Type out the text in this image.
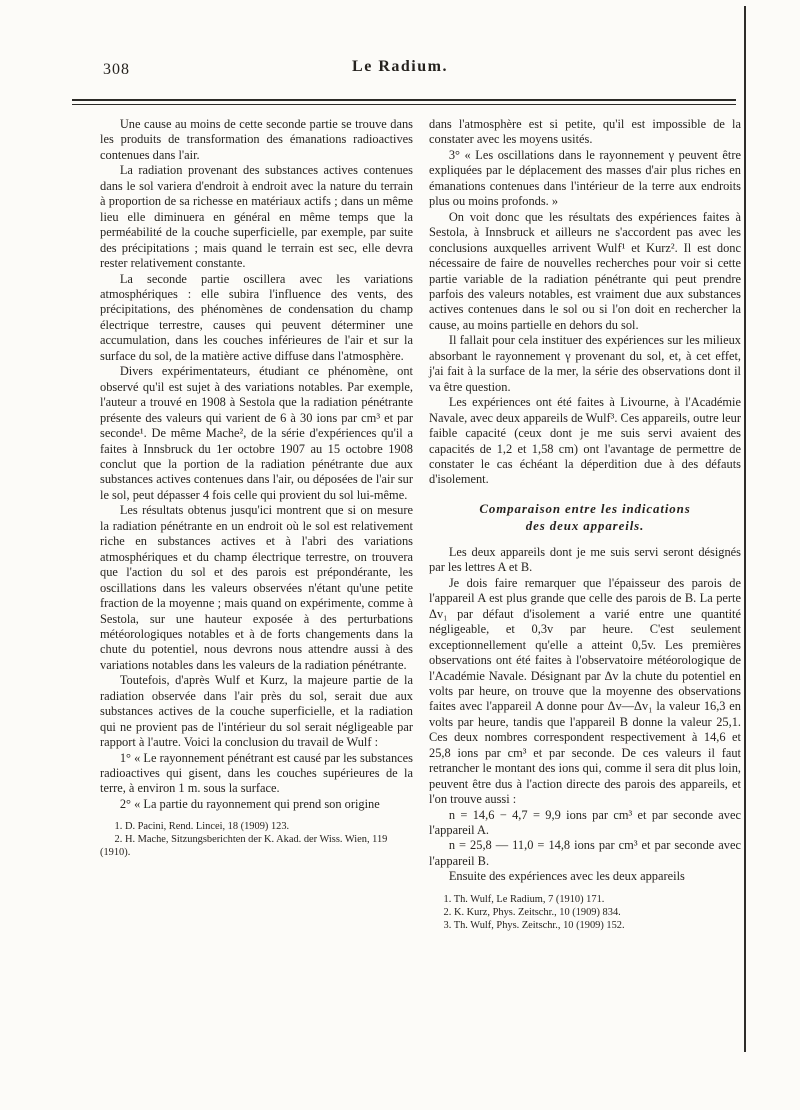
308	Le Radium.

Une cause au moins de cette seconde partie se trouve dans les produits de transformation des émanations radioactives contenues dans l'air.

La radiation provenant des substances actives contenues dans le sol variera d'endroit à endroit avec la nature du terrain à proportion de sa richesse en matériaux actifs ; dans un même lieu elle diminuera en général en même temps que la perméabilité de la couche superficielle, par exemple, par suite des précipitations ; mais quand le terrain est sec, elle devra rester relativement constante.

La seconde partie oscillera avec les variations atmosphériques : elle subira l'influence des vents, des précipitations, des phénomènes de condensation du champ électrique terrestre, causes qui peuvent déterminer une accumulation, dans les couches inférieures de l'air et sur la surface du sol, de la matière active diffuse dans l'atmosphère.

Divers expérimentateurs, étudiant ce phénomène, ont observé qu'il est sujet à des variations notables. Par exemple, l'auteur a trouvé en 1908 à Sestola que la radiation pénétrante présente des valeurs qui varient de 6 à 30 ions par cm³ et par seconde¹. De même Mache², de la série d'expériences qu'il a faites à Innsbruck du 1er octobre 1907 au 15 octobre 1908 conclut que la portion de la radiation pénétrante due aux substances actives contenues dans l'air, ou déposées de l'air sur le sol, peut dépasser 4 fois celle qui provient du sol lui-même.

Les résultats obtenus jusqu'ici montrent que si on mesure la radiation pénétrante en un endroit où le sol est relativement riche en substances actives et à l'abri des variations atmosphériques et du champ électrique terrestre, on trouvera que l'action du sol et des parois est prépondérante, les oscillations dans les valeurs observées n'étant qu'une petite fraction de la moyenne ; mais quand on expérimente, comme à Sestola, sur une hauteur exposée à des perturbations météorologiques notables et à de forts changements dans la chute du potentiel, nous devrons nous attendre aussi à des variations notables dans les valeurs de la radiation pénétrante.

Toutefois, d'après Wulf et Kurz, la majeure partie de la radiation observée dans l'air près du sol, serait due aux substances actives de la couche superficielle, et la radiation qui ne provient pas de l'intérieur du sol serait négligeable par rapport à l'autre. Voici la conclusion du travail de Wulf :

1° « Le rayonnement pénétrant est causé par les substances radioactives qui gisent, dans les couches supérieures de la terre, à environ 1 m. sous la surface.

2° « La partie du rayonnement qui prend son origine

1. D. Pacini, Rend. Lincei, 18 (1909) 123.

2. H. Mache, Sitzungsberichten der K. Akad. der Wiss. Wien, 119 (1910).

dans l'atmosphère est si petite, qu'il est impossible de la constater avec les moyens usités.

3° « Les oscillations dans le rayonnement γ peuvent être expliquées par le déplacement des masses d'air plus riches en émanations contenues dans l'intérieur de la terre aux endroits plus ou moins profonds. »

On voit donc que les résultats des expériences faites à Sestola, à Innsbruck et ailleurs ne s'accordent pas avec les conclusions auxquelles arrivent Wulf¹ et Kurz². Il est donc nécessaire de faire de nouvelles recherches pour voir si cette partie variable de la radiation pénétrante qui peut prendre parfois des valeurs notables, est vraiment due aux substances actives contenues dans le sol ou si l'on doit en rechercher la cause, au moins partielle en dehors du sol.

Il fallait pour cela instituer des expériences sur les milieux absorbant le rayonnement γ provenant du sol, et, à cet effet, j'ai fait à la surface de la mer, la série des observations dont il va être question.

Les expériences ont été faites à Livourne, à l'Académie Navale, avec deux appareils de Wulf³. Ces appareils, outre leur faible capacité (ceux dont je me suis servi avaient des capacités de 1,2 et 1,58 cm) ont l'avantage de permettre de constater le cas échéant la déperdition due à des défauts d'isolement.

Comparaison entre les indications
des deux appareils.

Les deux appareils dont je me suis servi seront désignés par les lettres A et B.

Je dois faire remarquer que l'épaisseur des parois de l'appareil A est plus grande que celle des parois de B. La perte Δv₁ par défaut d'isolement a varié entre une quantité négligeable, et 0,3v par heure. C'est seulement exceptionnellement qu'elle a atteint 0,5v. Les premières observations ont été faites à l'observatoire météorologique de l'Académie Navale. Désignant par Δv la chute du potentiel en volts par heure, on trouve que la moyenne des observations faites avec l'appareil A donne pour Δv—Δv₁ la valeur 16,3 en volts par heure, tandis que l'appareil B donne la valeur 25,1. Ces deux nombres correspondent respectivement à 14,6 et 25,8 ions par cm³ et par seconde. De ces valeurs il faut retrancher le montant des ions qui, comme il sera dit plus loin, peuvent être dus à l'action directe des parois des appareils, et l'on trouve aussi :

n = 14,6 − 4,7 = 9,9 ions par cm³ et par seconde avec l'appareil A.

n = 25,8 — 11,0 = 14,8 ions par cm³ et par seconde avec l'appareil B.

Ensuite des expériences avec les deux appareils

1. Th. Wulf, Le Radium, 7 (1910) 171.

2. K. Kurz, Phys. Zeitschr., 10 (1909) 834.

3. Th. Wulf, Phys. Zeitschr., 10 (1909) 152.
